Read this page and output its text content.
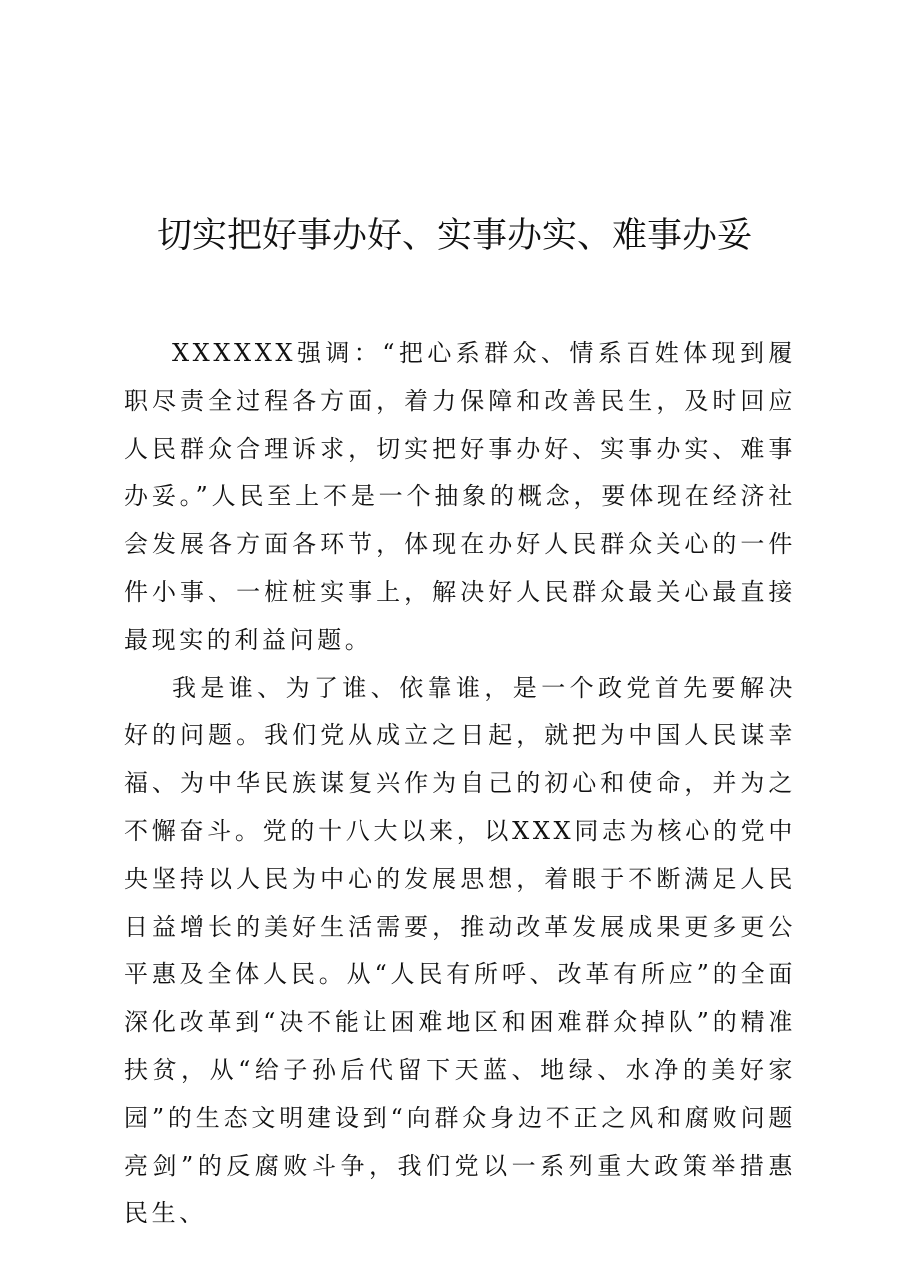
切实把好事办好、实事办实、难事办妥

XXXXXX强调：“把心系群众、情系百姓体现到履职尽责全过程各方面，着力保障和改善民生，及时回应人民群众合理诉求，切实把好事办好、实事办实、难事办妥。”人民至上不是一个抽象的概念，要体现在经济社会发展各方面各环节，体现在办好人民群众关心的一件件小事、一桩桩实事上，解决好人民群众最关心最直接最现实的利益问题。

我是谁、为了谁、依靠谁，是一个政党首先要解决好的问题。我们党从成立之日起，就把为中国人民谋幸福、为中华民族谋复兴作为自己的初心和使命，并为之不懈奋斗。党的十八大以来，以XXX同志为核心的党中央坚持以人民为中心的发展思想，着眼于不断满足人民日益增长的美好生活需要，推动改革发展成果更多更公平惠及全体人民。从“人民有所呼、改革有所应”的全面深化改革到“决不能让困难地区和困难群众掉队”的精准扶贫，从“给子孙后代留下天蓝、地绿、水净的美好家园”的生态文明建设到“向群众身边不正之风和腐败问题亮剑”的反腐败斗争，我们党以一系列重大政策举措惠民生、
